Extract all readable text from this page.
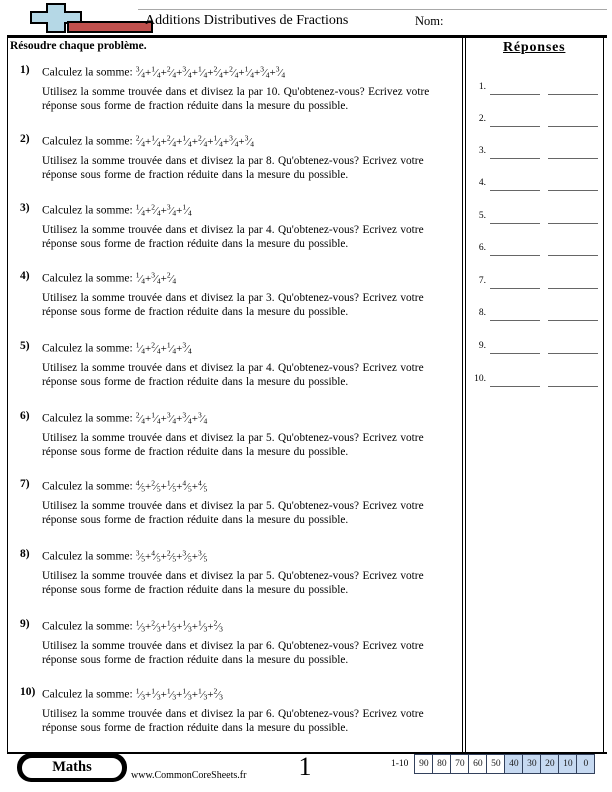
Additions Distributives de Fractions	Nom:
Résoudre chaque problème.
1) Calculez la somme: $^3$⁄4+$^1$⁄4+$^2$⁄4+$^3$⁄4+$^1$⁄4+$^2$⁄4+$^2$⁄4+$^1$⁄4+$^3$⁄4+$^3$⁄4
Utilisez la somme trouvée dans et divisez la par 10. Qu'obtenez-vous? Ecrivez votre
réponse sous forme de fraction réduite dans la mesure du possible.
2) Calculez la somme: $^2$⁄4+$^1$⁄4+$^2$⁄4+$^1$⁄4+$^2$⁄4+$^1$⁄4+$^3$⁄4+$^3$⁄4
Utilisez la somme trouvée dans et divisez la par 8. Qu'obtenez-vous? Ecrivez votre
réponse sous forme de fraction réduite dans la mesure du possible.
3) Calculez la somme: $^1$⁄4+$^2$⁄4+$^3$⁄4+$^1$⁄4
Utilisez la somme trouvée dans et divisez la par 4. Qu'obtenez-vous? Ecrivez votre
réponse sous forme de fraction réduite dans la mesure du possible.
4) Calculez la somme: $^1$⁄4+$^3$⁄4+$^2$⁄4
Utilisez la somme trouvée dans et divisez la par 3. Qu'obtenez-vous? Ecrivez votre
réponse sous forme de fraction réduite dans la mesure du possible.
5) Calculez la somme: $^1$⁄4+$^2$⁄4+$^1$⁄4+$^3$⁄4
Utilisez la somme trouvée dans et divisez la par 4. Qu'obtenez-vous? Ecrivez votre
réponse sous forme de fraction réduite dans la mesure du possible.
6) Calculez la somme: $^2$⁄4+$^1$⁄4+$^3$⁄4+$^3$⁄4+$^3$⁄4
Utilisez la somme trouvée dans et divisez la par 5. Qu'obtenez-vous? Ecrivez votre
réponse sous forme de fraction réduite dans la mesure du possible.
7) Calculez la somme: $^4$⁄5+$^2$⁄5+$^1$⁄5+$^4$⁄5+$^4$⁄5
Utilisez la somme trouvée dans et divisez la par 5. Qu'obtenez-vous? Ecrivez votre
réponse sous forme de fraction réduite dans la mesure du possible.
8) Calculez la somme: $^3$⁄5+$^4$⁄5+$^2$⁄5+$^3$⁄5+$^3$⁄5
Utilisez la somme trouvée dans et divisez la par 5. Qu'obtenez-vous? Ecrivez votre
réponse sous forme de fraction réduite dans la mesure du possible.
9) Calculez la somme: $^1$⁄3+$^2$⁄3+$^1$⁄3+$^1$⁄3+$^1$⁄3+$^2$⁄3
Utilisez la somme trouvée dans et divisez la par 6. Qu'obtenez-vous? Ecrivez votre
réponse sous forme de fraction réduite dans la mesure du possible.
10) Calculez la somme: $^1$⁄3+$^1$⁄3+$^1$⁄3+$^1$⁄3+$^1$⁄3+$^2$⁄3
Utilisez la somme trouvée dans et divisez la par 6. Qu'obtenez-vous? Ecrivez votre
réponse sous forme de fraction réduite dans la mesure du possible.
Réponses
1.
2.
3.
4.
5.
6.
7.
8.
9.
10.
Maths
www.CommonCoreSheets.fr	1	1-10	90 80 70 60 50 40 30 20 10	0
